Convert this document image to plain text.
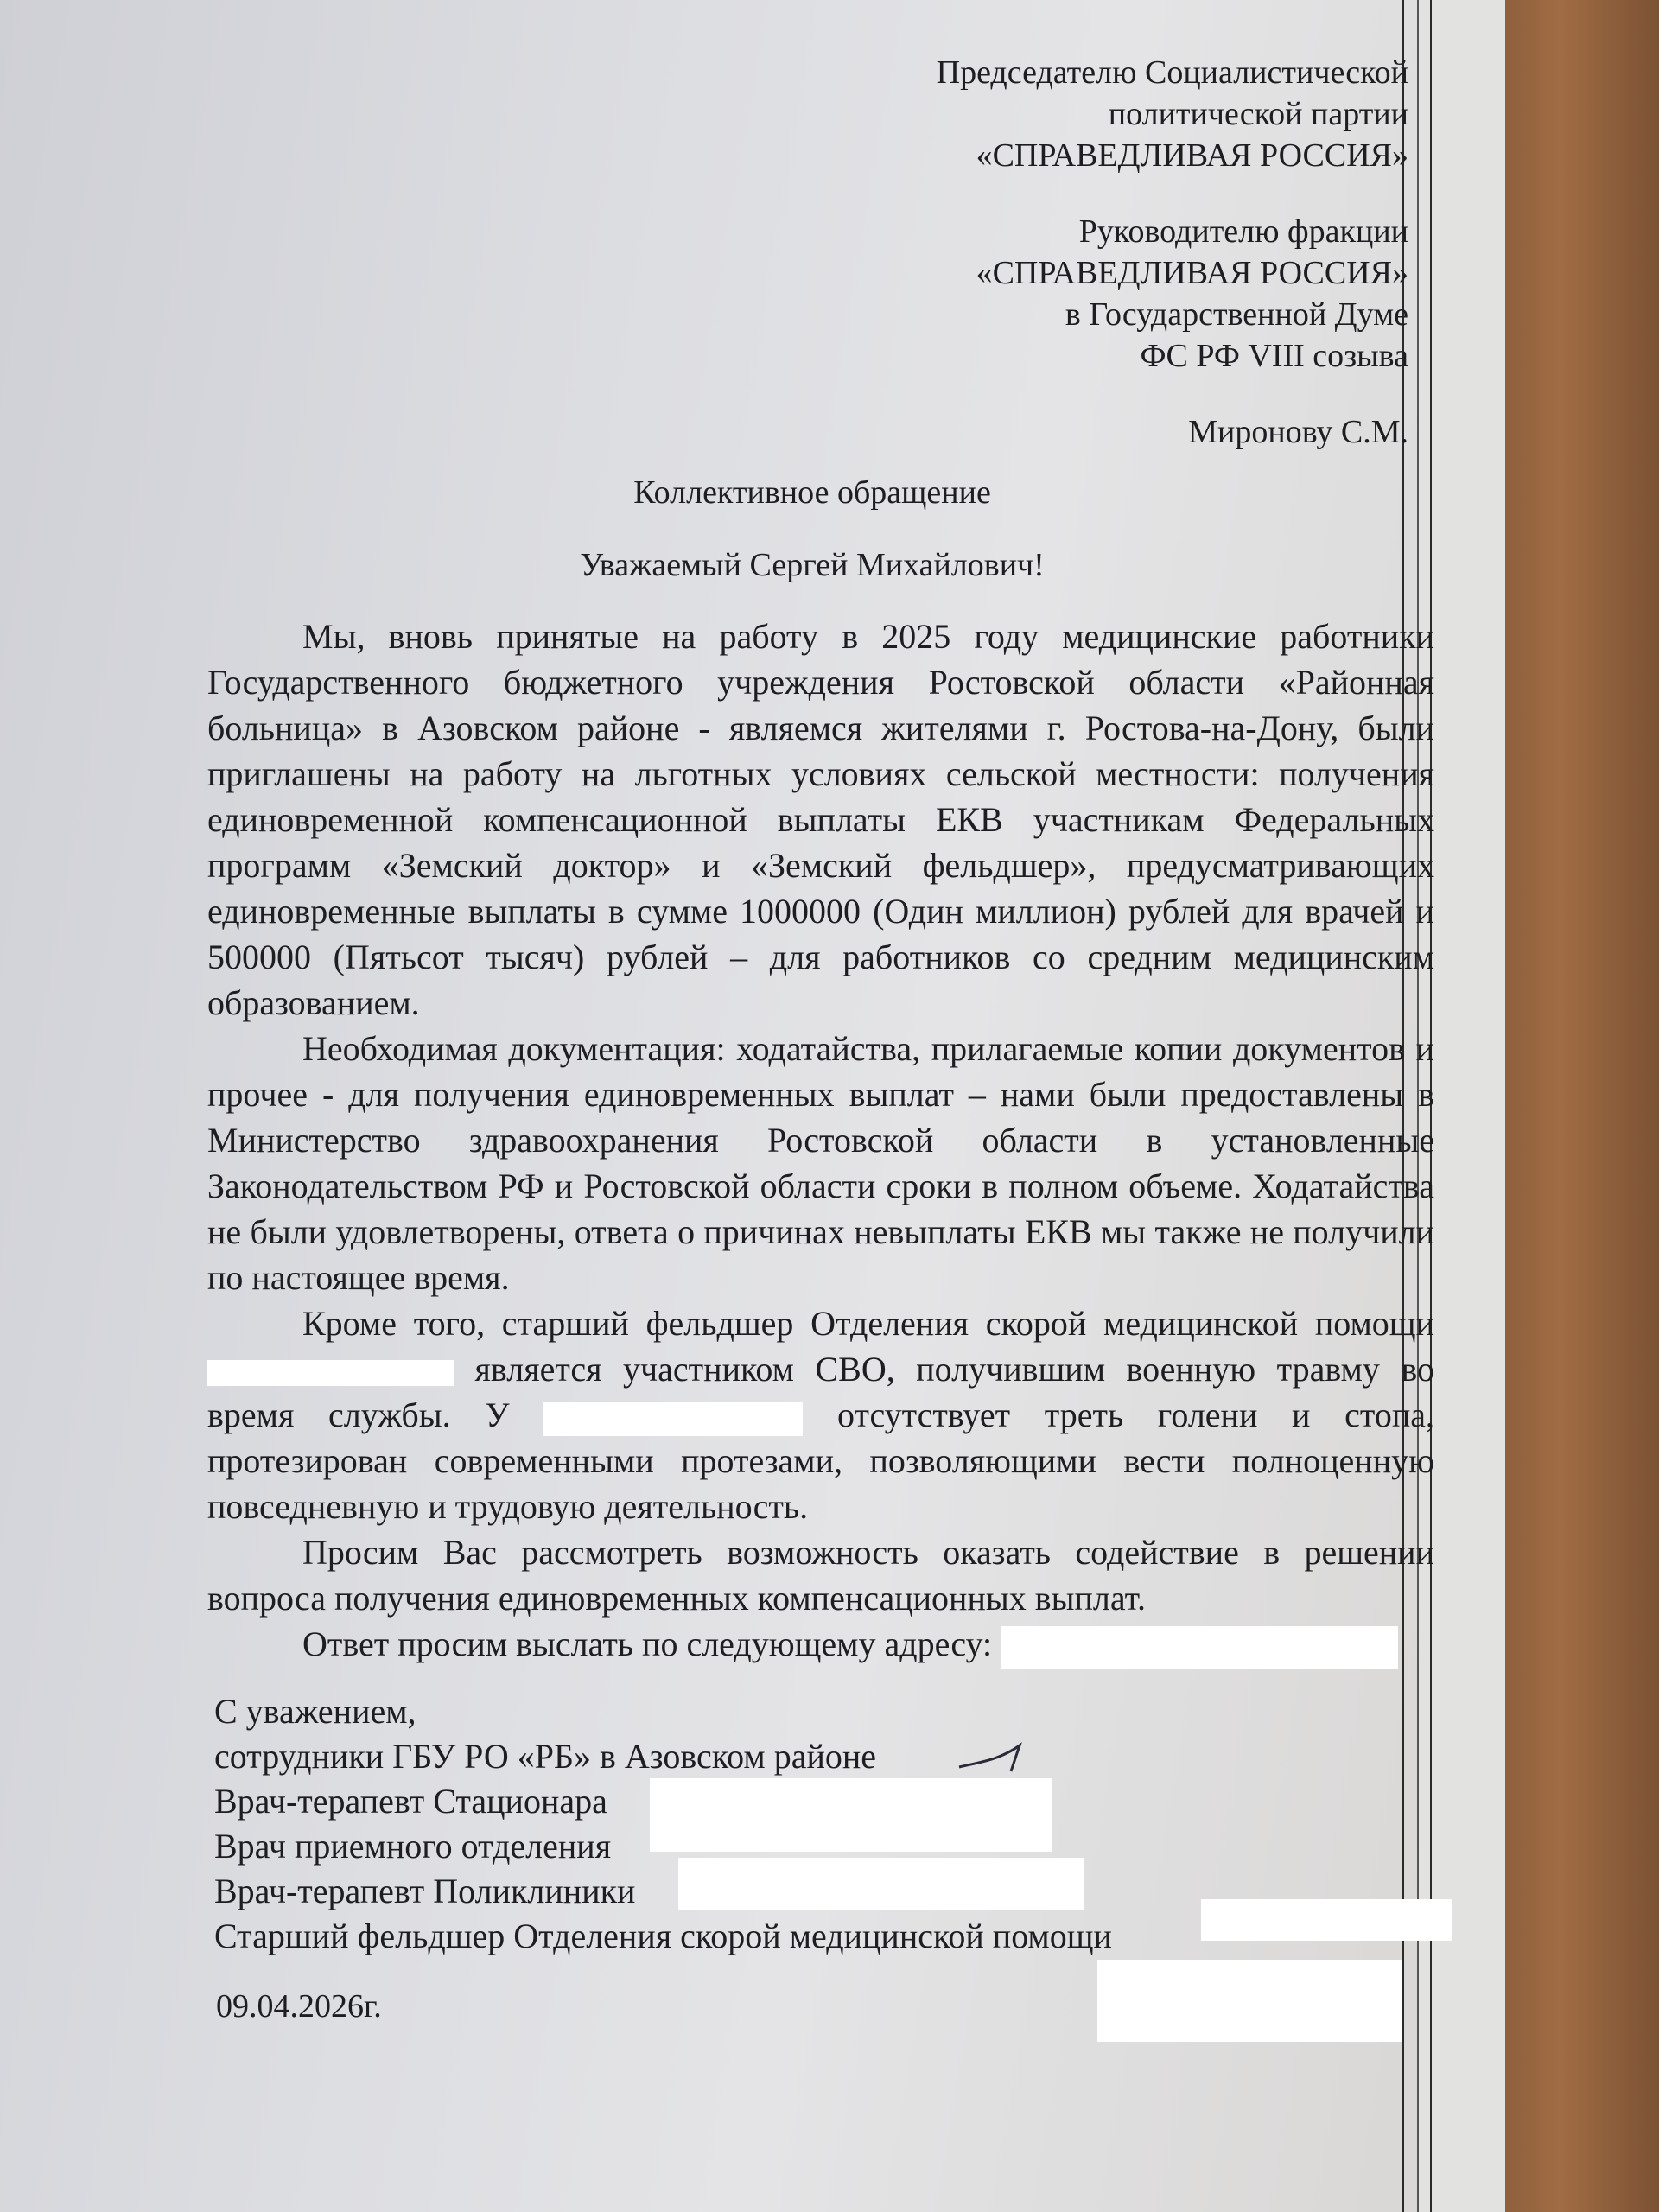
Председателю Социалистической
политической партии
«СПРАВЕДЛИВАЯ РОССИЯ»
Руководителю фракции
«СПРАВЕДЛИВАЯ РОССИЯ»
в Государственной Думе
ФС РФ VIII созыва
Миронову С.М.
Коллективное обращение
Уважаемый Сергей Михайлович!

Мы, вновь принятые на работу в 2025 году медицинские работники Государственного бюджетного учреждения Ростовской области «Районная больница» в Азовском районе - являемся жителями г. Ростова-на-Дону, были приглашены на работу на льготных условиях сельской местности: получения единовременной компенсационной выплаты ЕКВ участникам Федеральных программ «Земский доктор» и «Земский фельдшер», предусматривающих единовременные выплаты в сумме 1000000 (Один миллион) рублей для врачей и 500000 (Пятьсот тысяч) рублей – для работников со средним медицинским образованием.

Необходимая документация: ходатайства, прилагаемые копии документов и прочее - для получения единовременных выплат – нами были предоставлены в Министерство здравоохранения Ростовской области в установленные Законодательством РФ и Ростовской области сроки в полном объеме. Ходатайства не были удовлетворены, ответа о причинах невыплаты ЕКВ мы также не получили по настоящее время.

Кроме того, старший фельдшер Отделения скорой медицинской помощи  является участником СВО, получившим военную травму во время службы. У	отсутствует треть голени и стопа, протезирован современными протезами, позволяющими вести полноценную повседневную и трудовую деятельность.

Просим Вас рассмотреть возможность оказать содействие в решении вопроса получения единовременных компенсационных выплат.

Ответ просим выслать по следующему адресу:

С уважением,
сотрудники ГБУ РО «РБ» в Азовском районе
Врач-терапевт Стационара
Врач приемного отделения
Врач-терапевт Поликлиники
Старший фельдшер Отделения скорой медицинской помощи
09.04.2026г.
